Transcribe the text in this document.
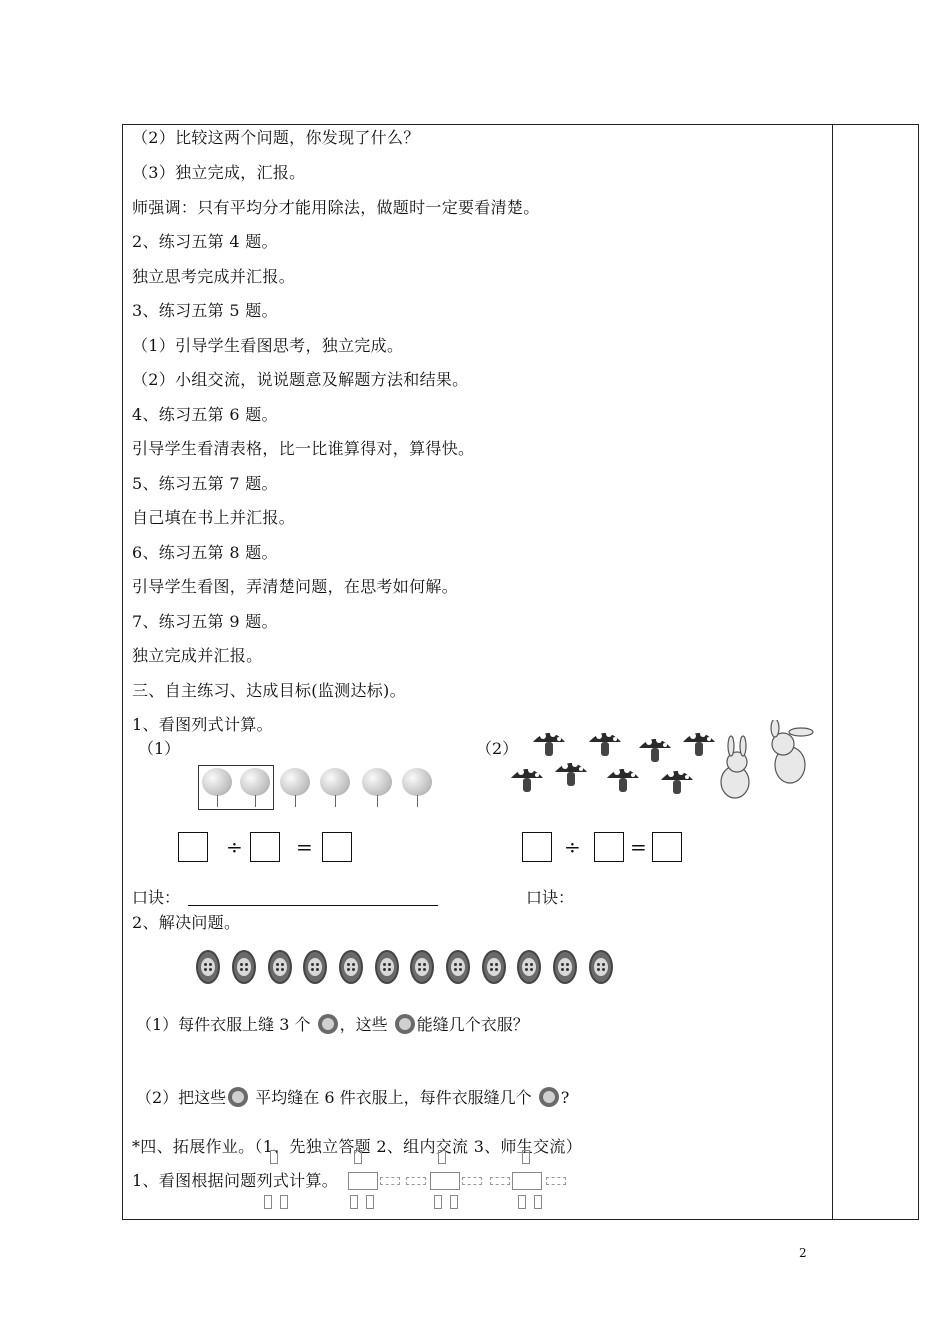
（2）比较这两个问题，你发现了什么？
（3）独立完成，汇报。
师强调：只有平均分才能用除法，做题时一定要看清楚。
2、练习五第 4 题。
独立思考完成并汇报。
3、练习五第 5 题。
（1）引导学生看图思考，独立完成。
（2）小组交流，说说题意及解题方法和结果。
4、练习五第 6 题。
引导学生看清表格，比一比谁算得对，算得快。
5、练习五第 7 题。
自己填在书上并汇报。
6、练习五第 8 题。
引导学生看图，弄清楚问题，在思考如何解。
7、练习五第 9 题。
独立完成并汇报。
三、自主练习、达成目标(监测达标)。
1、看图列式计算。
（1）	（2）
÷	=	÷ =
口诀：	口诀：
2、解决问题。
（1）每件衣服上缝 3 个 ，这些 能缝几个衣服？
（2）把这些 平均缝在 6 件衣服上，每件衣服缝几个 ?
*四、拓展作业。（1、先独立答题 2、组内交流 3、师生交流）
1、看图根据问题列式计算。
2
